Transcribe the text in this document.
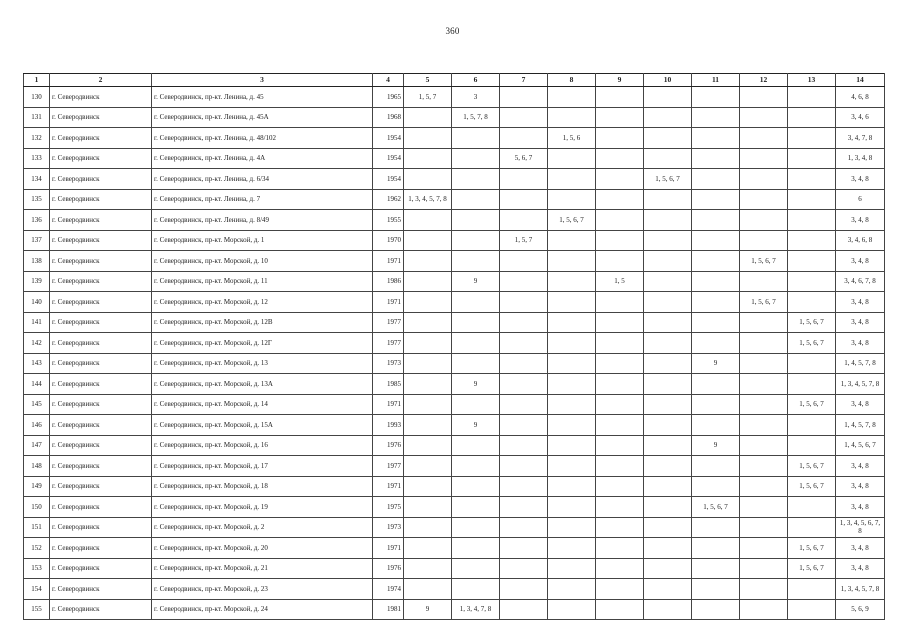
360
1	2	3	4	5	6	7	8	9	10	11	12	13	14
130	г. Северодвинск	г. Северодвинск, пр-кт. Ленина, д. 45	1965	1, 5, 7	3								4, 6, 8
131	г. Северодвинск	г. Северодвинск, пр-кт. Ленина, д. 45А	1968		1, 5, 7, 8								3, 4, 6
132	г. Северодвинск	г. Северодвинск, пр-кт. Ленина, д. 48/102	1954				1, 5, 6						3, 4, 7, 8
133	г. Северодвинск	г. Северодвинск, пр-кт. Ленина, д. 4А	1954			5, 6, 7							1, 3, 4, 8
134	г. Северодвинск	г. Северодвинск, пр-кт. Ленина, д. 6/34	1954						1, 5, 6, 7				3, 4, 8
135	г. Северодвинск	г. Северодвинск, пр-кт. Ленина, д. 7	1962	1, 3, 4, 5, 7, 8									6
136	г. Северодвинск	г. Северодвинск, пр-кт. Ленина, д. 8/49	1955				1, 5, 6, 7						3, 4, 8
137	г. Северодвинск	г. Северодвинск, пр-кт. Морской, д. 1	1970			1, 5, 7							3, 4, 6, 8
138	г. Северодвинск	г. Северодвинск, пр-кт. Морской, д. 10	1971								1, 5, 6, 7		3, 4, 8
139	г. Северодвинск	г. Северодвинск, пр-кт. Морской, д. 11	1986		9			1, 5					3, 4, 6, 7, 8
140	г. Северодвинск	г. Северодвинск, пр-кт. Морской, д. 12	1971								1, 5, 6, 7		3, 4, 8
141	г. Северодвинск	г. Северодвинск, пр-кт. Морской, д. 12В	1977									1, 5, 6, 7	3, 4, 8
142	г. Северодвинск	г. Северодвинск, пр-кт. Морской, д. 12Г	1977									1, 5, 6, 7	3, 4, 8
143	г. Северодвинск	г. Северодвинск, пр-кт. Морской, д. 13	1973							9			1, 4, 5, 7, 8
144	г. Северодвинск	г. Северодвинск, пр-кт. Морской, д. 13А	1985		9								1, 3, 4, 5, 7, 8
145	г. Северодвинск	г. Северодвинск, пр-кт. Морской, д. 14	1971									1, 5, 6, 7	3, 4, 8
146	г. Северодвинск	г. Северодвинск, пр-кт. Морской, д. 15А	1993		9								1, 4, 5, 7, 8
147	г. Северодвинск	г. Северодвинск, пр-кт. Морской, д. 16	1976							9			1, 4, 5, 6, 7
148	г. Северодвинск	г. Северодвинск, пр-кт. Морской, д. 17	1977									1, 5, 6, 7	3, 4, 8
149	г. Северодвинск	г. Северодвинск, пр-кт. Морской, д. 18	1971									1, 5, 6, 7	3, 4, 8
150	г. Северодвинск	г. Северодвинск, пр-кт. Морской, д. 19	1975							1, 5, 6, 7			3, 4, 8
151	г. Северодвинск	г. Северодвинск, пр-кт. Морской, д. 2	1973										1, 3, 4, 5, 6, 7, 8
152	г. Северодвинск	г. Северодвинск, пр-кт. Морской, д. 20	1971									1, 5, 6, 7	3, 4, 8
153	г. Северодвинск	г. Северодвинск, пр-кт. Морской, д. 21	1976									1, 5, 6, 7	3, 4, 8
154	г. Северодвинск	г. Северодвинск, пр-кт. Морской, д. 23	1974										1, 3, 4, 5, 7, 8
155	г. Северодвинск	г. Северодвинск, пр-кт. Морской, д. 24	1981	9	1, 3, 4, 7, 8								5, 6, 9
